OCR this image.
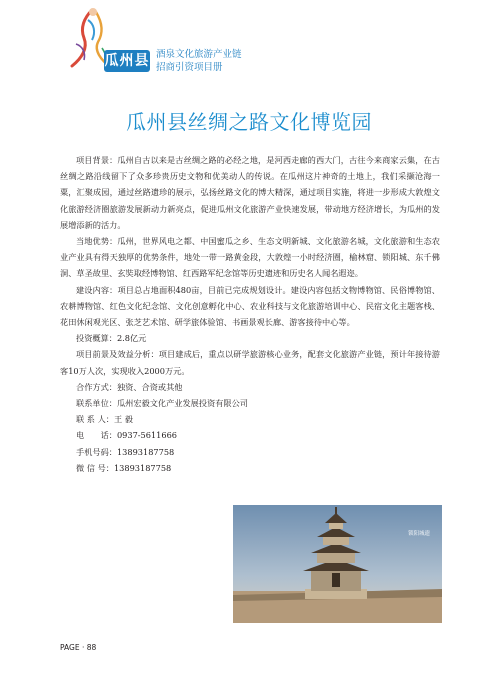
瓜州县 酒泉文化旅游产业链
招商引资项目册
瓜州县丝绸之路文化博览园

项目背景：瓜州自古以来是古丝绸之路的必经之地，是河西走廊的西大门，古往今来商家云集，在古丝绸之路沿线留下了众多珍贵历史文物和优美动人的传说。在瓜州这片神奇的土地上，我们采撷沧海一粟，汇聚成园，通过丝路遗珍的展示，弘扬丝路文化的博大精深，通过项目实施，将进一步形成大敦煌文化旅游经济圈旅游发展新动力新亮点，促进瓜州文化旅游产业快速发展，带动地方经济增长，为瓜州的发展增添新的活力。

当地优势：瓜州，世界风电之都、中国蜜瓜之乡、生态文明新城、文化旅游名城，文化旅游和生态农业产业具有得天独厚的优势条件，地处一带一路黄金段，大敦煌一小时经济圈，榆林窟、锁阳城、东千佛洞、草圣故里、玄奘取经博物馆、红西路军纪念馆等历史遗迹和历史名人闻名遐迩。

建设内容：项目总占地面积480亩，目前已完成规划设计。建设内容包括文物博物馆、民俗博物馆、农耕博物馆、红色文化纪念馆、文化创意孵化中心、农业科技与文化旅游培训中心、民宿文化主题客栈、花田休闲观光区、张芝艺术馆、研学旅体验馆、书画景观长廊、游客接待中心等。

投资概算：2.8亿元

项目前景及效益分析：项目建成后，重点以研学旅游核心业务，配套文化旅游产业链，预计年接待游客10万人次，实现收入2000万元。

合作方式：独资、合资或其他
联系单位：瓜州宏毅文化产业发展投资有限公司
联 系 人：王 毅
电　　话：0937-5611666
手机号码：13893187758
微 信 号：13893187758
锁阳城遗
PAGE · 88
